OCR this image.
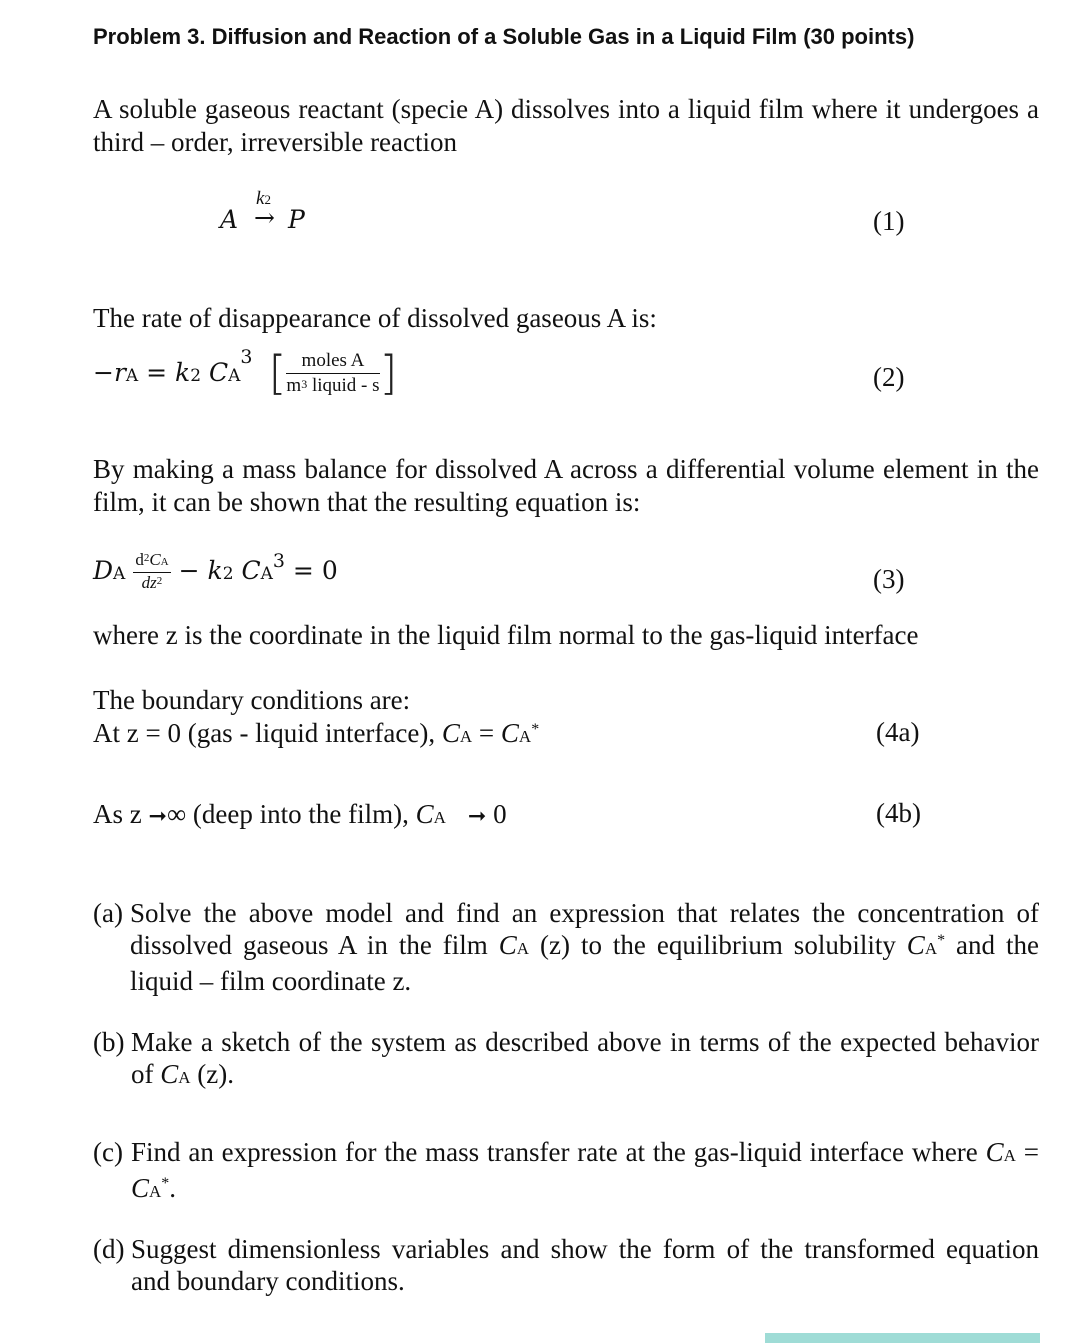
Problem 3. Diffusion and Reaction of a Soluble Gas in a Liquid Film (30 points)
A soluble gaseous reactant (specie A) dissolves into a liquid film where it undergoes a third – order, irreversible reaction
A
k2
→ P	(1)
The rate of disappearance of dissolved gaseous A is:
−rA = k2 $CA^3$ [ $\frac{\text{moles A}}{m^3 liquid - s}$ ]	(2)
By making a mass balance for dissolved A across a differential volume element in the film, it can be shown that the resulting equation is:
DA $\frac{d^2CA}{dz^2} - k2$ $CA^3 = 0$	(3)
where z is the coordinate in the liquid film normal to the gas-liquid interface
The boundary conditions are:
At z = 0 (gas - liquid interface), CA = CA*	(4a)
As z ➞∞ (deep into the film), CA ➞ 0	(4b)
(a) Solve the above model and find an expression that relates the concentration of dissolved gaseous A in the film CA (z) to the equilibrium solubility CA* and the liquid – film coordinate z.
(b) Make a sketch of the system as described above in terms of the expected behavior of CA (z).
(c) Find an expression for the mass transfer rate at the gas-liquid interface where CA = CA*.
(d) Suggest dimensionless variables and show the form of the transformed equation and boundary conditions.
